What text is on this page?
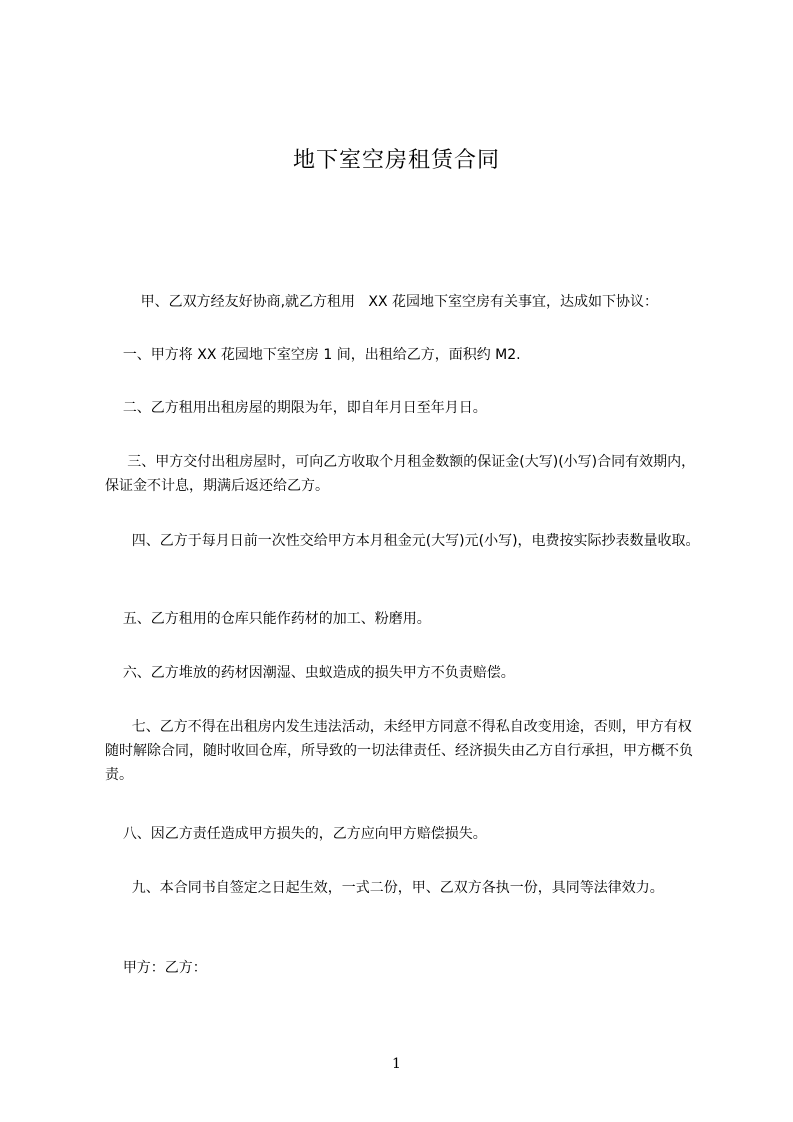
地下室空房租赁合同
甲、乙双方经友好协商,就乙方租用   XX 花园地下室空房有关事宜，达成如下协议：
一、甲方将 XX 花园地下室空房 1 间，出租给乙方，面积约 M2.
二、乙方租用出租房屋的期限为年，即自年月日至年月日。
三、甲方交付出租房屋时，可向乙方收取个月租金数额的保证金(大写)(小写)合同有效期内，保证金不计息，期满后返还给乙方。
四、乙方于每月日前一次性交给甲方本月租金元(大写)元(小写)，电费按实际抄表数量收取。
五、乙方租用的仓库只能作药材的加工、粉磨用。
六、乙方堆放的药材因潮湿、虫蚁造成的损失甲方不负责赔偿。
七、乙方不得在出租房内发生违法活动，未经甲方同意不得私自改变用途，否则，甲方有权随时解除合同，随时收回仓库，所导致的一切法律责任、经济损失由乙方自行承担，甲方概不负责。
八、因乙方责任造成甲方损失的，乙方应向甲方赔偿损失。
九、本合同书自签定之日起生效，一式二份，甲、乙双方各执一份，具同等法律效力。
甲方：乙方：
1
